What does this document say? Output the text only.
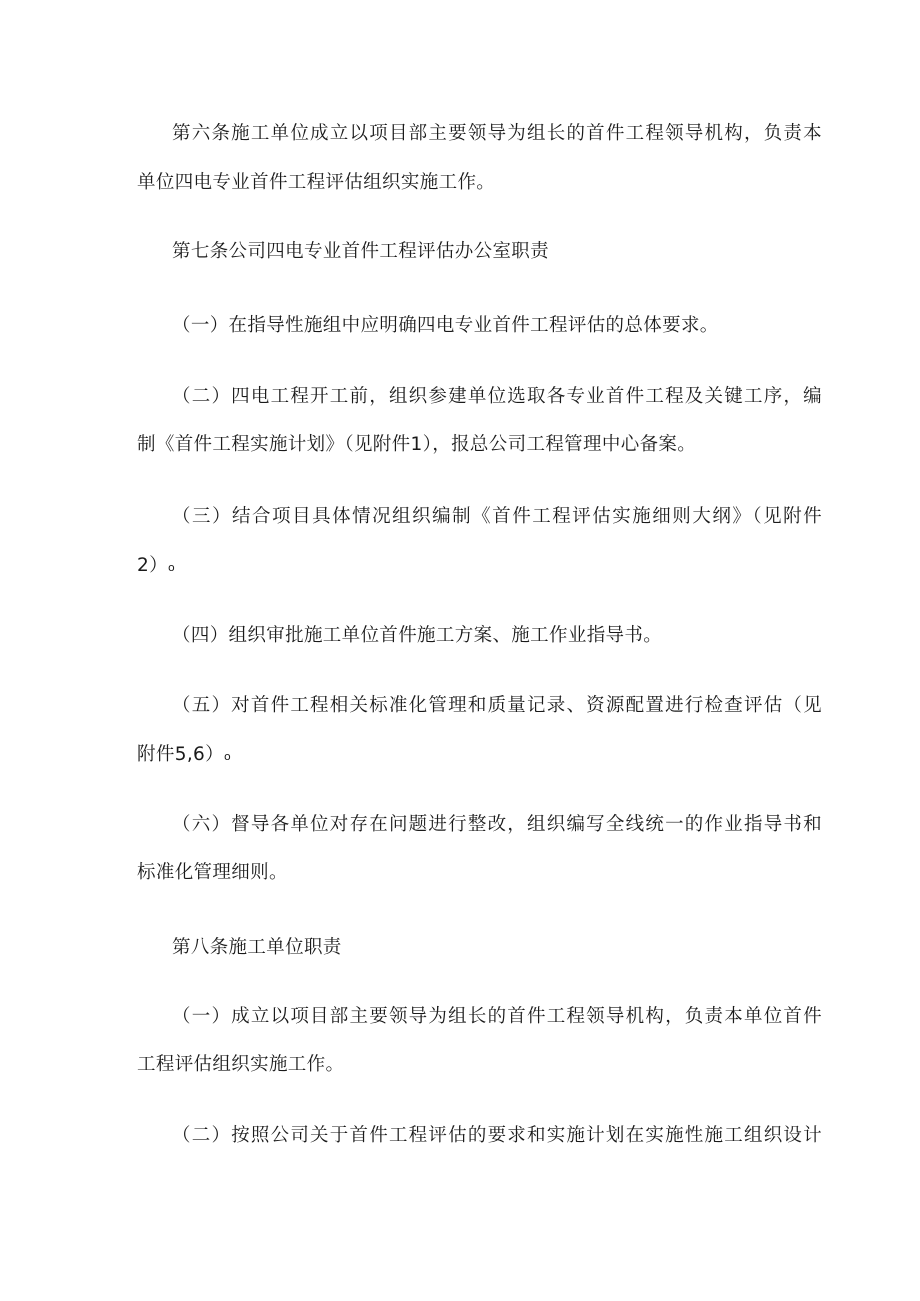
第六条施工单位成立以项目部主要领导为组长的首件工程领导机构，负责本
单位四电专业首件工程评估组织实施工作。
第七条公司四电专业首件工程评估办公室职责
（一）在指导性施组中应明确四电专业首件工程评估的总体要求。
（二）四电工程开工前，组织参建单位选取各专业首件工程及关键工序，编
制《首件工程实施计划》（见附件1），报总公司工程管理中心备案。
（三）结合项目具体情况组织编制《首件工程评估实施细则大纲》（见附件
2）o
（四）组织审批施工单位首件施工方案、施工作业指导书。
（五）对首件工程相关标准化管理和质量记录、资源配置进行检查评估（见
附件5,6）o
（六）督导各单位对存在问题进行整改，组织编写全线统一的作业指导书和
标准化管理细则。
第八条施工单位职责
（一）成立以项目部主要领导为组长的首件工程领导机构，负责本单位首件
工程评估组织实施工作。
（二）按照公司关于首件工程评估的要求和实施计划在实施性施工组织设计
